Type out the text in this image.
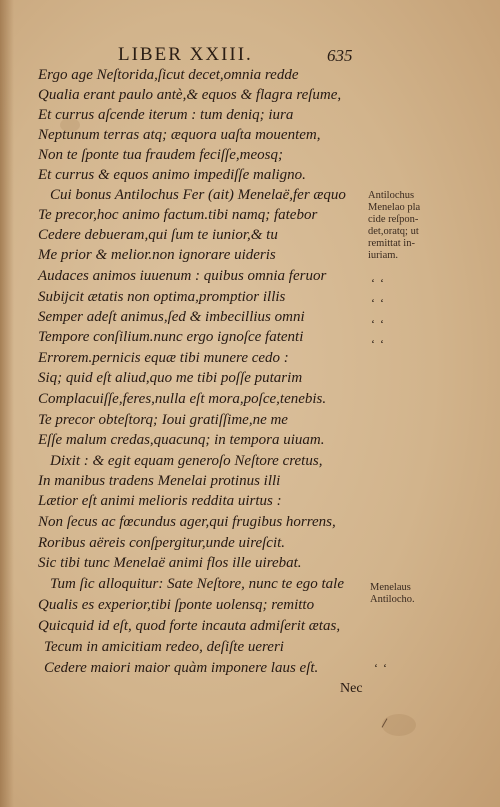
LIBER XXIII.	635
Ergo age Neſtorida,ſicut decet,omnia redde
Qualia erant paulo antè,& equos & flagra reſume,
Et currus aſcende iterum : tum deniq; iura
Neptunum terras atq; æquora uaſta mouentem,
Non te ſponte tua fraudem feciſſe,meosq;
Et currus & equos animo impediſſe maligno.
Cui bonus Antilochus Fer (ait) Menelaë,fer æquo
Te precor,hoc animo factum.tibi namq; fatebor
Cedere debueram,qui ſum te iunior,& tu
Me prior & melior.non ignorare uideris
Audaces animos iuuenum : quibus omnia feruor
Subijcit ætatis non optima,promptior illis
Semper adeſt animus,ſed & imbecillius omni
Tempore conſilium.nunc ergo ignoſce fatenti
Errorem.pernicis equæ tibi munere cedo :
Siq; quid eſt aliud,quo me tibi poſſe putarim
Complacuiſſe,feres,nulla eſt mora,poſce,tenebis.
Te precor obteſtorq; Ioui gratiſſime,ne me
Eſſe malum credas,quacunq; in tempora uiuam.
Dixit : & egit equam generoſo Neſtore cretus,
In manibus tradens Menelai protinus illi
Lætior eſt animi melioris reddita uirtus :
Non ſecus ac fœcundus ager,qui frugibus horrens,
Roribus aëreis conſpergitur,unde uireſcit.
Sic tibi tunc Menelaë animi flos ille uirebat.
Tum ſic alloquitur: Sate Neſtore, nunc te ego tale
Qualis es experior,tibi ſponte uolensq; remitto
Quicquid id eſt, quod forte incauta admiſerit ætas,
Tecum in amicitiam redeo, deſiſte uereri
Cedere maiori maior quàm imponere laus eſt.
Antilochus
Menelao pla
cide reſpon-
det,oratq; ut
remittat in-
iuriam.
Menelaus
Antilocho.
‘ ‘
‘ ‘
‘ ‘
‘ ‘
‘ ‘
Nec
